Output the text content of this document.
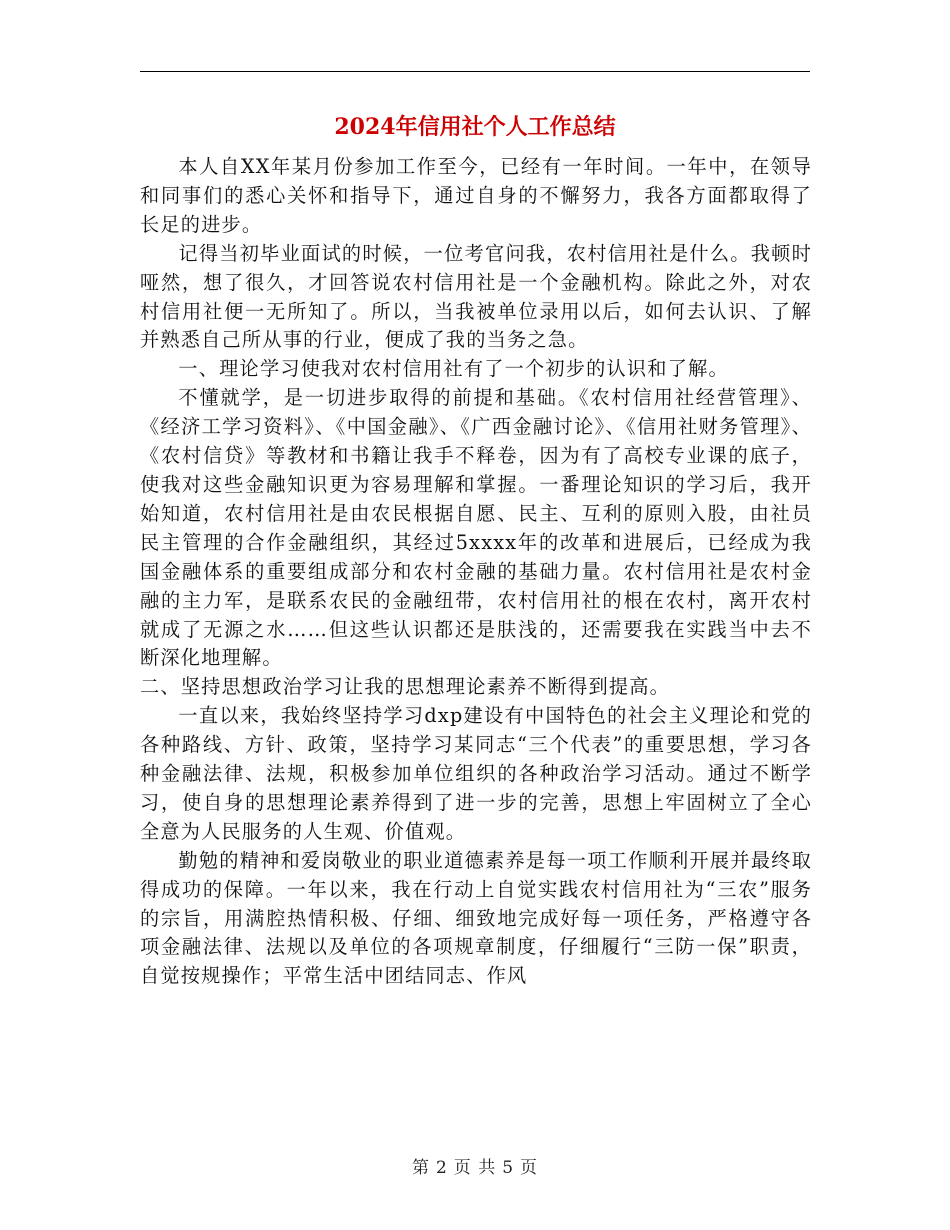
2024年信用社个人工作总结

本人自XX年某月份参加工作至今，已经有一年时间。一年中，在领导和同事们的悉心关怀和指导下，通过自身的不懈努力，我各方面都取得了长足的进步。

记得当初毕业面试的时候，一位考官问我，农村信用社是什么。我顿时哑然，想了很久，才回答说农村信用社是一个金融机构。除此之外，对农村信用社便一无所知了。所以，当我被单位录用以后，如何去认识、了解并熟悉自己所从事的行业，便成了我的当务之急。

一、理论学习使我对农村信用社有了一个初步的认识和了解。

不懂就学，是一切进步取得的前提和基础。《农村信用社经营管理》、《经济工学习资料》、《中国金融》、《广西金融讨论》、《信用社财务管理》、《农村信贷》等教材和书籍让我手不释卷，因为有了高校专业课的底子，使我对这些金融知识更为容易理解和掌握。一番理论知识的学习后，我开始知道，农村信用社是由农民根据自愿、民主、互利的原则入股，由社员民主管理的合作金融组织，其经过5xxxx年的改革和进展后，已经成为我国金融体系的重要组成部分和农村金融的基础力量。农村信用社是农村金融的主力军，是联系农民的金融纽带，农村信用社的根在农村，离开农村就成了无源之水……但这些认识都还是肤浅的，还需要我在实践当中去不断深化地理解。

二、坚持思想政治学习让我的思想理论素养不断得到提高。

一直以来，我始终坚持学习dxp建设有中国特色的社会主义理论和党的各种路线、方针、政策，坚持学习某同志“三个代表”的重要思想，学习各种金融法律、法规，积极参加单位组织的各种政治学习活动。通过不断学习，使自身的思想理论素养得到了进一步的完善，思想上牢固树立了全心全意为人民服务的人生观、价值观。

勤勉的精神和爱岗敬业的职业道德素养是每一项工作顺利开展并最终取得成功的保障。一年以来，我在行动上自觉实践农村信用社为“三农”服务的宗旨，用满腔热情积极、仔细、细致地完成好每一项任务，严格遵守各项金融法律、法规以及单位的各项规章制度，仔细履行“三防一保”职责，自觉按规操作；平常生活中团结同志、作风

第 2 页 共 5 页
